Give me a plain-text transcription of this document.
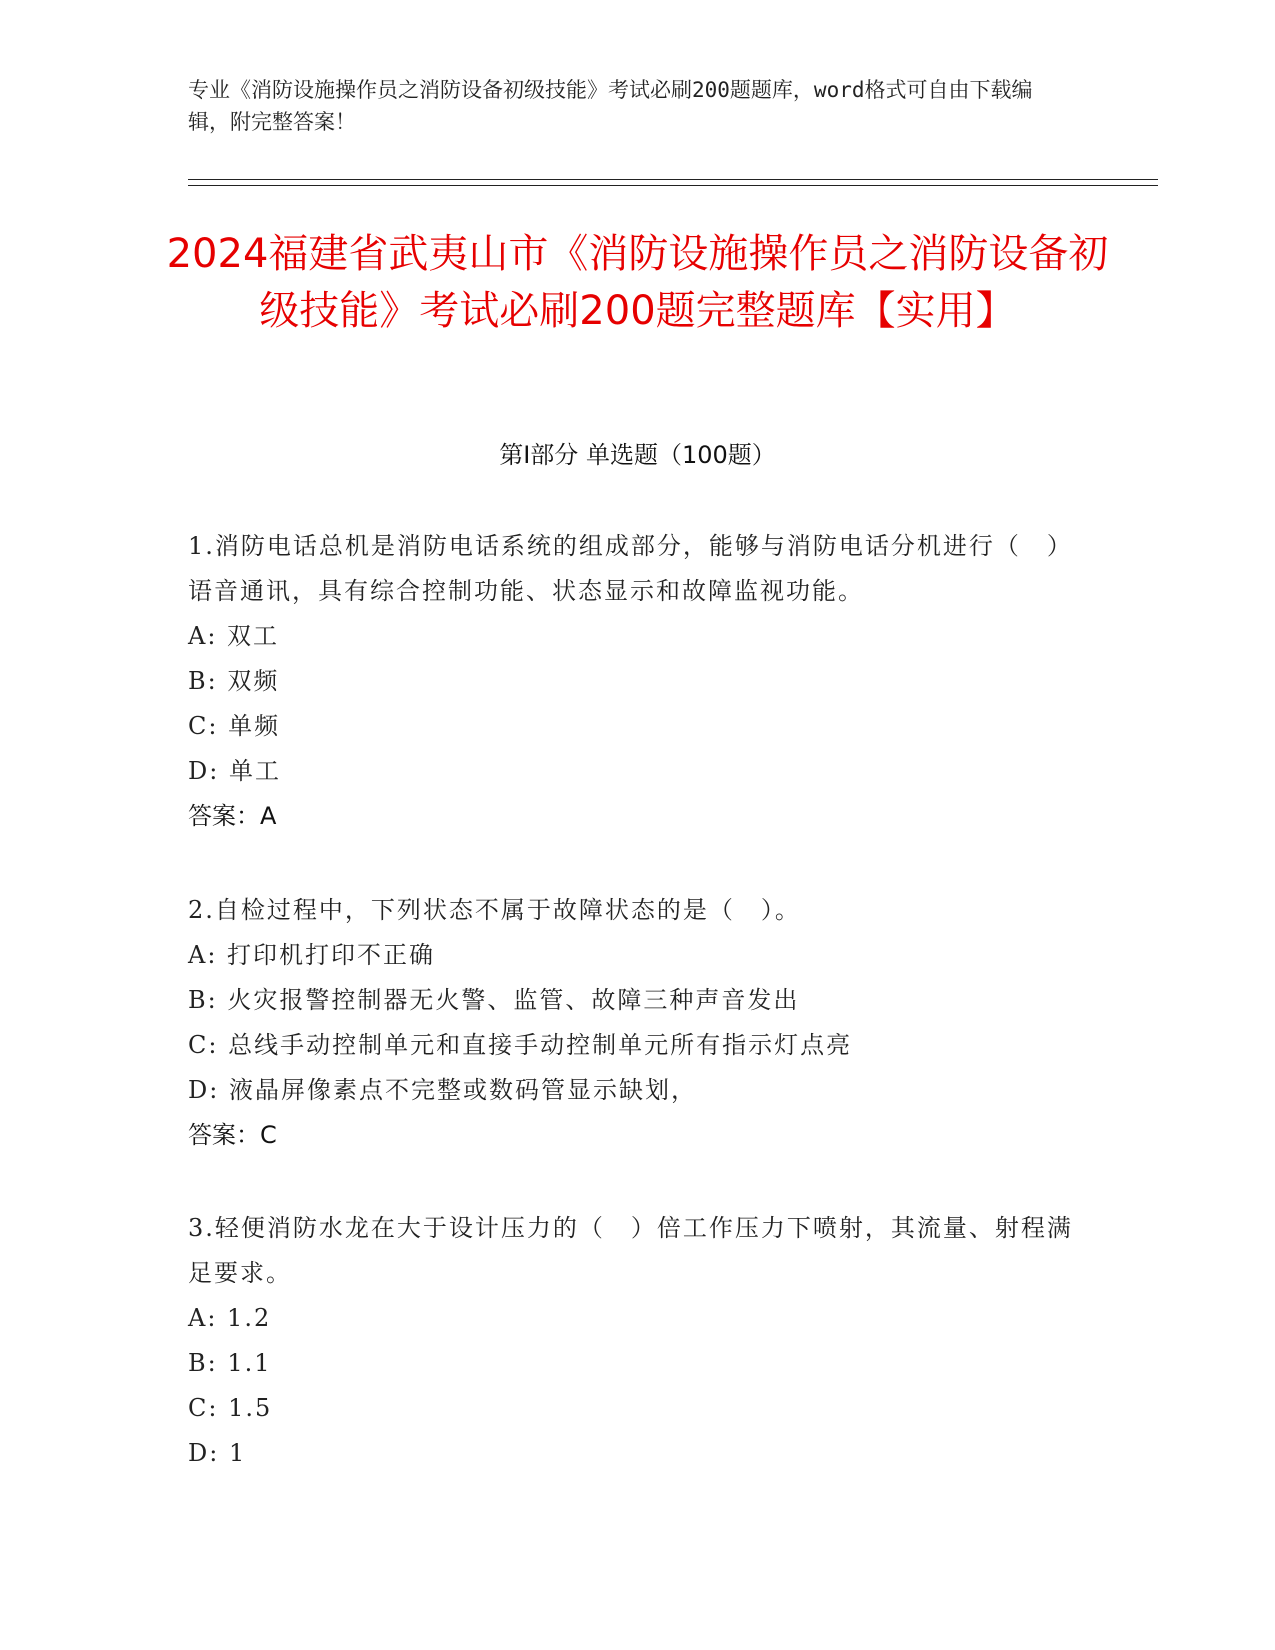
专业《消防设施操作员之消防设备初级技能》考试必刷200题题库，word格式可自由下载编辑，附完整答案！
2024福建省武夷山市《消防设施操作员之消防设备初级技能》考试必刷200题完整题库【实用】
第I部分 单选题（100题）
1.消防电话总机是消防电话系统的组成部分，能够与消防电话分机进行（　）语音通讯，具有综合控制功能、状态显示和故障监视功能。
A: 双工
B: 双频
C: 单频
D: 单工
答案：A
2.自检过程中，下列状态不属于故障状态的是（　）。
A: 打印机打印不正确
B: 火灾报警控制器无火警、监管、故障三种声音发出
C: 总线手动控制单元和直接手动控制单元所有指示灯点亮
D: 液晶屏像素点不完整或数码管显示缺划，
答案：C
3.轻便消防水龙在大于设计压力的（　）倍工作压力下喷射，其流量、射程满足要求。
A: 1.2
B: 1.1
C: 1.5
D: 1
